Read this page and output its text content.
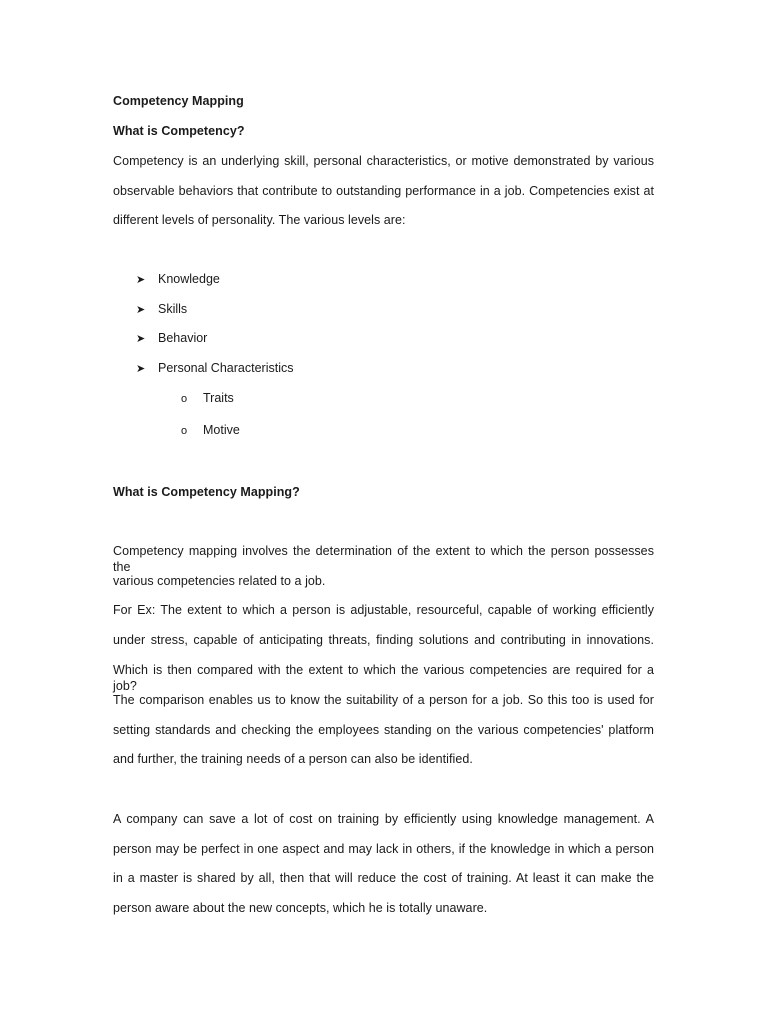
Competency Mapping
What is Competency?
Competency is an underlying skill, personal characteristics, or motive demonstrated by various
observable behaviors that contribute to outstanding performance in a job. Competencies exist at
different levels of personality. The various levels are:
➤ Knowledge
➤ Skills
➤ Behavior
➤ Personal Characteristics
o Traits
o Motive
What is Competency Mapping?
Competency mapping involves the determination of the extent to which the person possesses the
various competencies related to a job.
For Ex: The extent to which a person is adjustable, resourceful, capable of working efficiently
under stress, capable of anticipating threats, finding solutions and contributing in innovations.
Which is then compared with the extent to which the various competencies are required for a job?
The comparison enables us to know the suitability of a person for a job. So this too is used for
setting standards and checking the employees standing on the various competencies' platform
and further, the training needs of a person can also be identified.
A company can save a lot of cost on training by efficiently using knowledge management. A
person may be perfect in one aspect and may lack in others, if the knowledge in which a person
in a master is shared by all, then that will reduce the cost of training. At least it can make the
person aware about the new concepts, which he is totally unaware.
